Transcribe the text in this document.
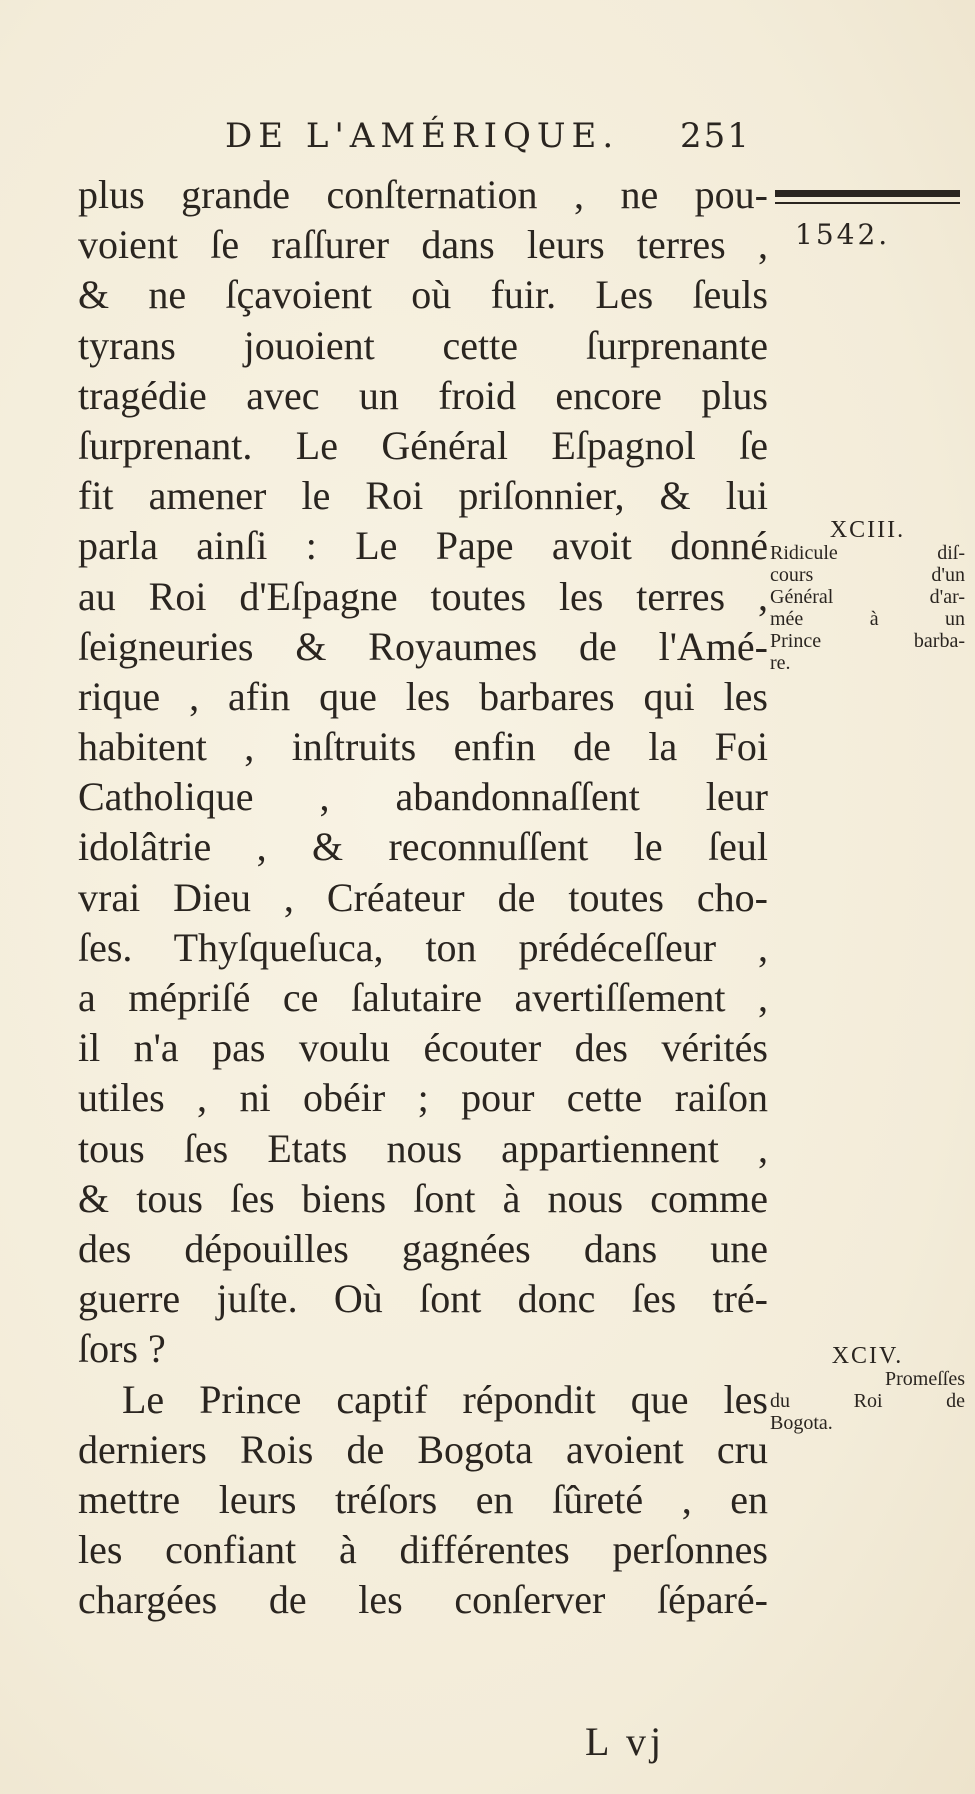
DE L'AMÉRIQUE. 251
1542.
plus grande conſternation , ne pou-
voient ſe raſſurer dans leurs terres ,
& ne ſçavoient où fuir. Les ſeuls
tyrans jouoient cette ſurprenante
tragédie avec un froid encore plus
ſurprenant. Le Général Eſpagnol ſe
fit amener le Roi priſonnier, & lui
parla ainſi : Le Pape avoit donné
au Roi d'Eſpagne toutes les terres ,
ſeigneuries & Royaumes de l'Amé-
rique , afin que les barbares qui les
habitent , inſtruits enfin de la Foi
Catholique , abandonnaſſent leur
idolâtrie , & reconnuſſent le ſeul
vrai Dieu , Créateur de toutes cho-
ſes. Thyſqueſuca, ton prédéceſſeur ,
a mépriſé ce ſalutaire avertiſſement ,
il n'a pas voulu écouter des vérités
utiles , ni obéir ; pour cette raiſon
tous ſes Etats nous appartiennent ,
& tous ſes biens ſont à nous comme
des dépouilles gagnées dans une
guerre juſte. Où ſont donc ſes tré-
ſors ?
Le Prince captif répondit que les
derniers Rois de Bogota avoient cru
mettre leurs tréſors en ſûreté , en
les confiant à différentes perſonnes
chargées de les conſerver ſéparé-
XCIII.
Ridicule diſ-
cours d'un
Général d'ar-
mée à un
Prince barba-
re.
XCIV.
Promeſſes
du Roi de
Bogota.
L vj
